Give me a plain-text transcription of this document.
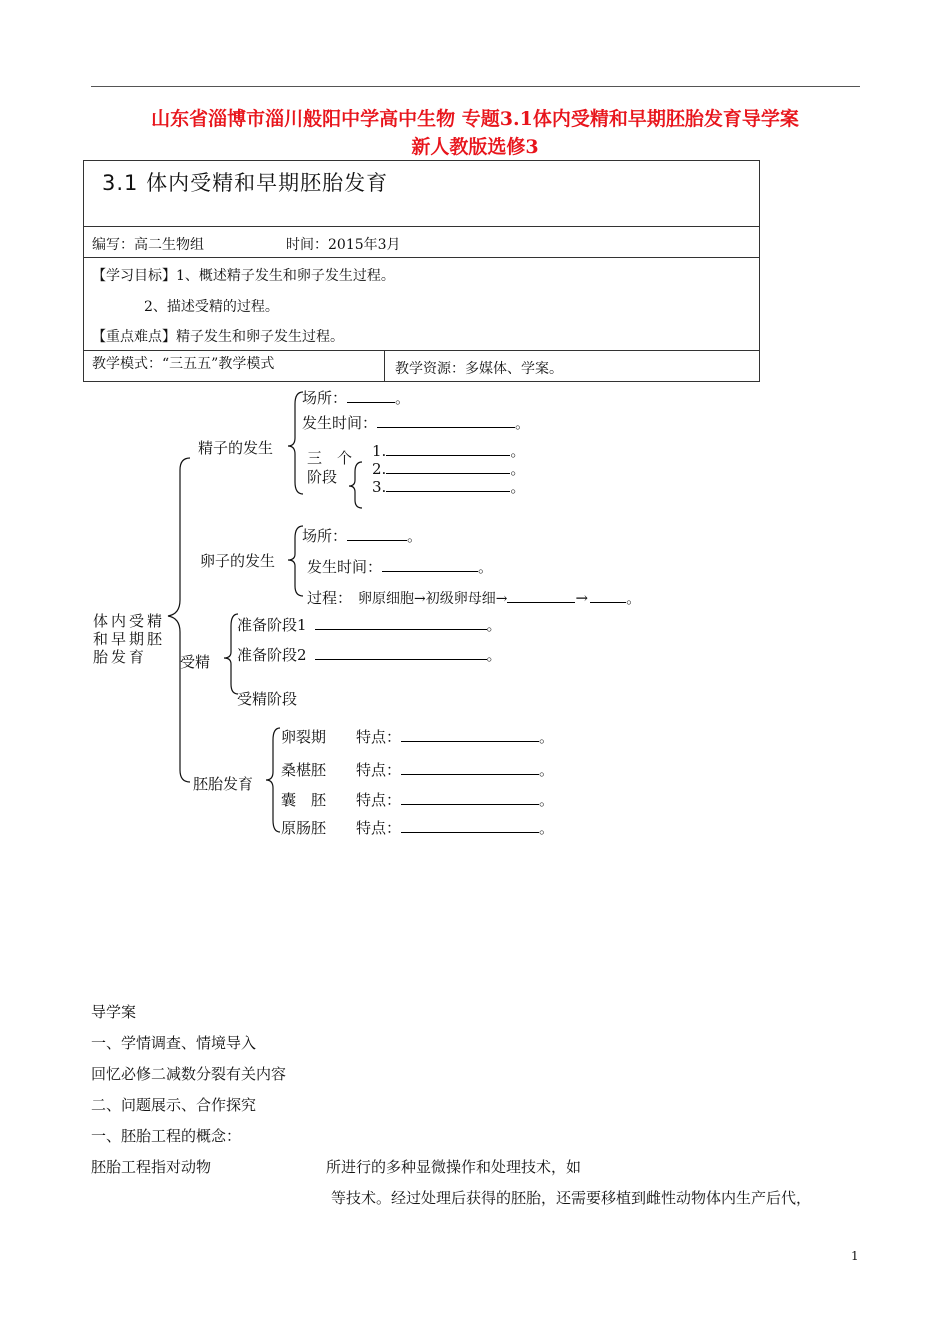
山东省淄博市淄川般阳中学高中生物 专题3.1体内受精和早期胚胎发育导学案
新人教版选修3
3.1 体内受精和早期胚胎发育
编写：高二生物组	时间：2015年3月
【学习目标】1、概述精子发生和卵子发生过程。
2、描述受精的过程。
【重点难点】精子发生和卵子发生过程。
教学模式：“三五五”教学模式	教学资源：多媒体、学案。
体内受精和早期胚胎发育
精子的发生
场所：	。
发生时间：	。
三　个
阶段
1.	。
2.	。
3.	。
卵子的发生
场所：	。
发生时间：	。
过程： 卵原细胞→初级卵母细→	→	。
受精
准备阶段1	。
准备阶段2	。
受精阶段
胚胎发育
卵裂期 特点：	。
桑椹胚 特点：	。
囊　胚 特点：	。
原肠胚 特点：	。
导学案
一、学情调查、情境导入
回忆必修二减数分裂有关内容
二、问题展示、合作探究
一、胚胎工程的概念：
胚胎工程指对动物	所进行的多种显微操作和处理技术，如
等技术。经过处理后获得的胚胎，还需要移植到雌性动物体内生产后代，
1
